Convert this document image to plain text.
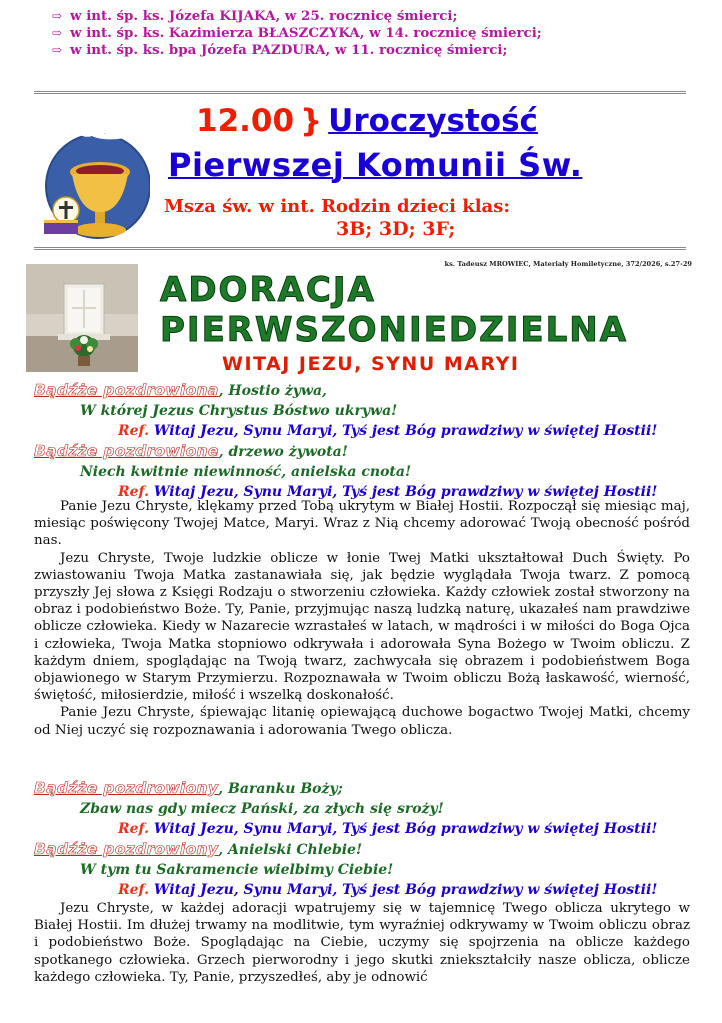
⇨ w int. śp. ks. Józefa KIJAKA, w 25. rocznicę śmierci;
⇨ w int. śp. ks. Kazimierza BŁASZCZYKA, w 14. rocznicę śmierci;
⇨ w int. śp. ks. bpa Józefa PAZDURA, w 11. rocznicę śmierci;
12.00 } Uroczystość
Pierwszej Komunii Św.
Msza św. w int. Rodzin dzieci klas:
3B; 3D; 3F;
ks. Tadeusz MROWIEC, Materiały Homiletyczne, 372/2026, s.27-29
ADORACJA
PIERWSZONIEDZIELNA
WITAJ JEZU, SYNU MARYI
Bądźże pozdrowiona, Hostio żywa,
W której Jezus Chrystus Bóstwo ukrywa!
Ref. Witaj Jezu, Synu Maryi, Tyś jest Bóg prawdziwy w świętej Hostii!
Bądźże pozdrowione, drzewo żywota!
Niech kwitnie niewinność, anielska cnota!
Ref. Witaj Jezu, Synu Maryi, Tyś jest Bóg prawdziwy w świętej Hostii!

Panie Jezu Chryste, klękamy przed Tobą ukrytym w Białej Hostii. Rozpoczął się miesiąc maj, miesiąc poświęcony Twojej Matce, Maryi. Wraz z Nią chcemy adorować Twoją obecność pośród nas.

Jezu Chryste, Twoje ludzkie oblicze w łonie Twej Matki ukształtował Duch Święty. Po zwiastowaniu Twoja Matka zastanawiała się, jak będzie wyglądała Twoja twarz. Z pomocą przyszły Jej słowa z Księgi Rodzaju o stworzeniu człowieka. Każdy człowiek został stworzony na obraz i podobieństwo Boże. Ty, Panie, przyjmując naszą ludzką naturę, ukazałeś nam prawdziwe oblicze człowieka. Kiedy w Nazarecie wzrastałeś w latach, w mądrości i w miłości do Boga Ojca i człowieka, Twoja Matka stopniowo odkrywała i adorowała Syna Bożego w Twoim obliczu. Z każdym dniem, spoglądając na Twoją twarz, zachwycała się obrazem i podobieństwem Boga objawionego w Starym Przymierzu. Rozpoznawała w Twoim obliczu Bożą łaskawość, wierność, świętość, miłosierdzie, miłość i wszelką doskonałość.

Panie Jezu Chryste, śpiewając litanię opiewającą duchowe bogactwo Twojej Matki, chcemy od Niej uczyć się rozpoznawania i adorowania Twego oblicza.

Bądźże pozdrowiony, Baranku Boży;
Zbaw nas gdy miecz Pański, za złych się sroży!
Ref. Witaj Jezu, Synu Maryi, Tyś jest Bóg prawdziwy w świętej Hostii!
Bądźże pozdrowiony, Anielski Chlebie!
W tym tu Sakramencie wielbimy Ciebie!
Ref. Witaj Jezu, Synu Maryi, Tyś jest Bóg prawdziwy w świętej Hostii!

Jezu Chryste, w każdej adoracji wpatrujemy się w tajemnicę Twego oblicza ukrytego w Białej Hostii. Im dłużej trwamy na modlitwie, tym wyraźniej odkrywamy w Twoim obliczu obraz i podobieństwo Boże. Spoglądając na Ciebie, uczymy się spojrzenia na oblicze każdego spotkanego człowieka. Grzech pierworodny i jego skutki zniekształciły nasze oblicza, oblicze każdego człowieka. Ty, Panie, przyszedłeś, aby je odnowić
